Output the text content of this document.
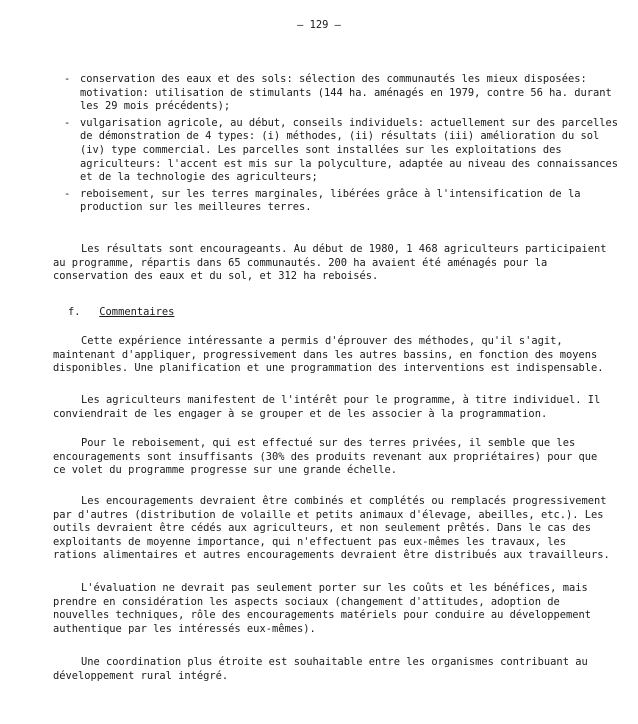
– 129 –
- conservation des eaux et des sols: sélection des communautés les mieux disposées: motivation: utilisation de stimulants (144 ha. aménagés en 1979, contre 56 ha. durant les 29 mois précédents);
- vulgarisation agricole, au début, conseils individuels: actuellement sur des parcelles de démonstration de 4 types: (i) méthodes, (ii) résultats (iii) amélioration du sol (iv) type commercial. Les parcelles sont installées sur les exploitations des agriculteurs: l'accent est mis sur la polyculture, adaptée au niveau des connaissances et de la technologie des agriculteurs;
- reboisement, sur les terres marginales, libérées grâce à l'intensification de la production sur les meilleures terres.

Les résultats sont encourageants. Au début de 1980, 1 468 agriculteurs participaient au programme, répartis dans 65 communautés. 200 ha avaient été aménagés pour la conservation des eaux et du sol, et 312 ha reboisés.

f. Commentaires

Cette expérience intéressante a permis d'éprouver des méthodes, qu'il s'agit, maintenant d'appliquer, progressivement dans les autres bassins, en fonction des moyens disponibles. Une planification et une programmation des interventions est indispensable.

Les agriculteurs manifestent de l'intérêt pour le programme, à titre individuel. Il conviendrait de les engager à se grouper et de les associer à la programmation.

Pour le reboisement, qui est effectué sur des terres privées, il semble que les encouragements sont insuffisants (30% des produits revenant aux propriétaires) pour que ce volet du programme progresse sur une grande échelle.

Les encouragements devraient être combinés et complétés ou remplacés progressivement par d'autres (distribution de volaille et petits animaux d'élevage, abeilles, etc.). Les outils devraient être cédés aux agriculteurs, et non seulement prêtés. Dans le cas des exploitants de moyenne importance, qui n'effectuent pas eux-mêmes les travaux, les rations alimentaires et autres encouragements devraient être distribués aux travailleurs.

L'évaluation ne devrait pas seulement porter sur les coûts et les bénéfices, mais prendre en considération les aspects sociaux (changement d'attitudes, adoption de nouvelles techniques, rôle des encouragements matériels pour conduire au développement authentique par les intéressés eux-mêmes).

Une coordination plus étroite est souhaitable entre les organismes contribuant au développement rural intégré.
